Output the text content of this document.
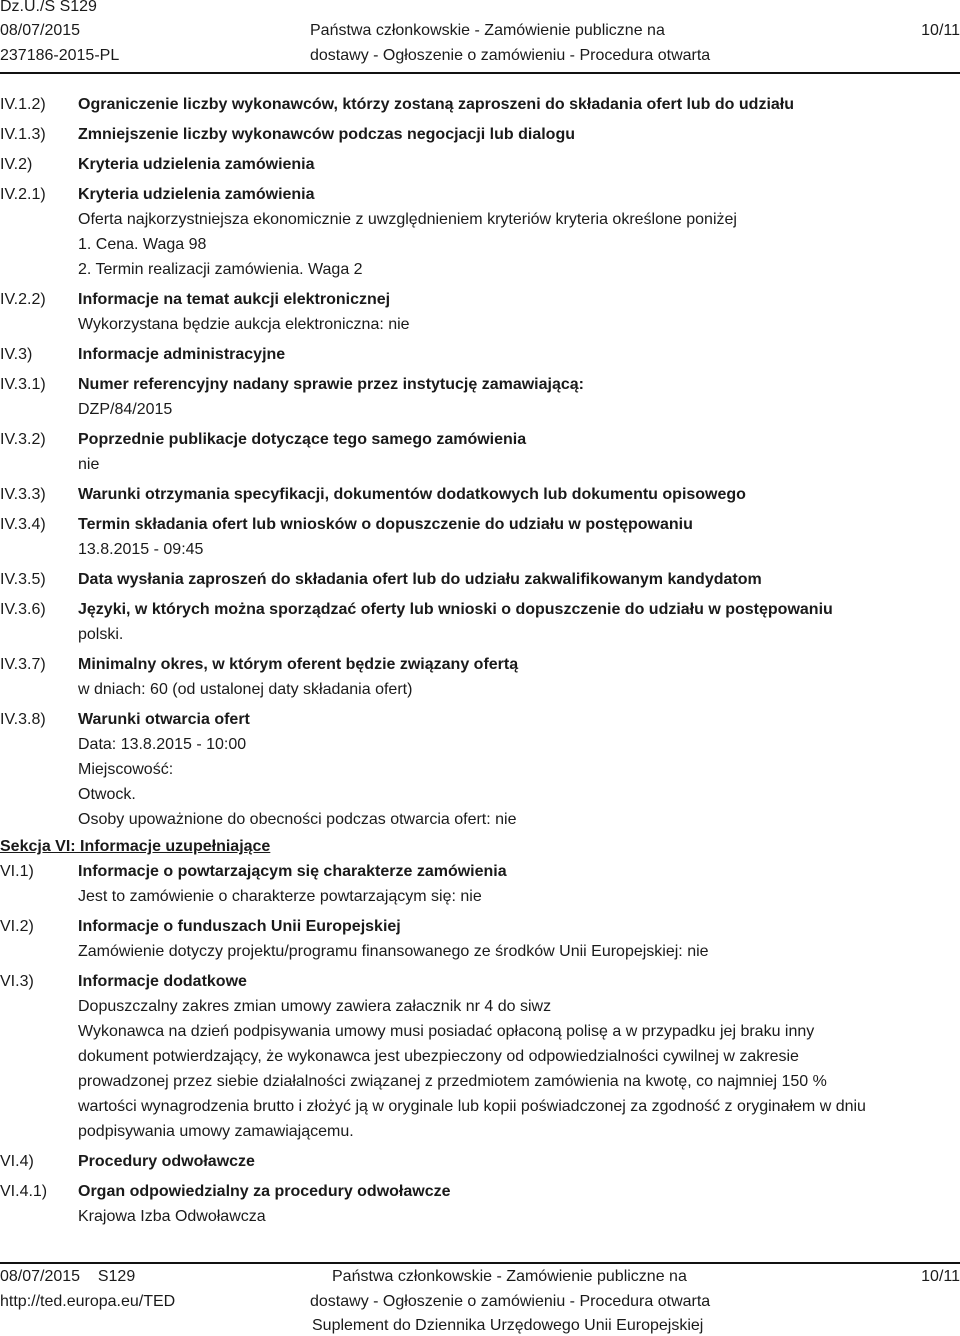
Dz.U./S S129
08/07/2015
237186-2015-PL
Państwa członkowskie - Zamówienie publiczne na
dostawy - Ogłoszenie o zamówieniu - Procedura otwarta
10/11
IV.1.2)	Ograniczenie liczby wykonawców, którzy zostaną zaproszeni do składania ofert lub do udziału
IV.1.3)	Zmniejszenie liczby wykonawców podczas negocjacji lub dialogu
IV.2)	Kryteria udzielenia zamówienia
IV.2.1)	Kryteria udzielenia zamówienia
Oferta najkorzystniejsza ekonomicznie z uwzględnieniem kryteriów kryteria określone poniżej
1. Cena. Waga 98
2. Termin realizacji zamówienia. Waga 2
IV.2.2)	Informacje na temat aukcji elektronicznej
Wykorzystana będzie aukcja elektroniczna: nie
IV.3)	Informacje administracyjne
IV.3.1)	Numer referencyjny nadany sprawie przez instytucję zamawiającą:
DZP/84/2015
IV.3.2)	Poprzednie publikacje dotyczące tego samego zamówienia
nie
IV.3.3)	Warunki otrzymania specyfikacji, dokumentów dodatkowych lub dokumentu opisowego
IV.3.4)	Termin składania ofert lub wniosków o dopuszczenie do udziału w postępowaniu
13.8.2015 - 09:45
IV.3.5)	Data wysłania zaproszeń do składania ofert lub do udziału zakwalifikowanym kandydatom
IV.3.6)	Języki, w których można sporządzać oferty lub wnioski o dopuszczenie do udziału w postępowaniu
polski.
IV.3.7)	Minimalny okres, w którym oferent będzie związany ofertą
w dniach: 60 (od ustalonej daty składania ofert)
IV.3.8)	Warunki otwarcia ofert
Data: 13.8.2015 - 10:00
Miejscowość:
Otwock.
Osoby upoważnione do obecności podczas otwarcia ofert: nie
Sekcja VI: Informacje uzupełniające
VI.1)	Informacje o powtarzającym się charakterze zamówienia
Jest to zamówienie o charakterze powtarzającym się: nie
VI.2)	Informacje o funduszach Unii Europejskiej
Zamówienie dotyczy projektu/programu finansowanego ze środków Unii Europejskiej: nie
VI.3)	Informacje dodatkowe
Dopuszczalny zakres zmian umowy zawiera załacznik nr 4 do siwz
Wykonawca na dzień podpisywania umowy musi posiadać opłaconą polisę a w przypadku jej braku inny
dokument potwierdzający, że wykonawca jest ubezpieczony od odpowiedzialności cywilnej w zakresie
prowadzonej przez siebie działalności związanej z przedmiotem zamówienia na kwotę, co najmniej 150 %
wartości wynagrodzenia brutto i złożyć ją w oryginale lub kopii poświadczonej za zgodność z oryginałem w dniu
podpisywania umowy zamawiającemu.
VI.4)	Procedury odwoławcze
VI.4.1)	Organ odpowiedzialny za procedury odwoławcze
Krajowa Izba Odwoławcza
08/07/2015 S129
http://ted.europa.eu/TED
Państwa członkowskie - Zamówienie publiczne na
dostawy - Ogłoszenie o zamówieniu - Procedura otwarta
Suplement do Dziennika Urzędowego Unii Europejskiej
10/11
